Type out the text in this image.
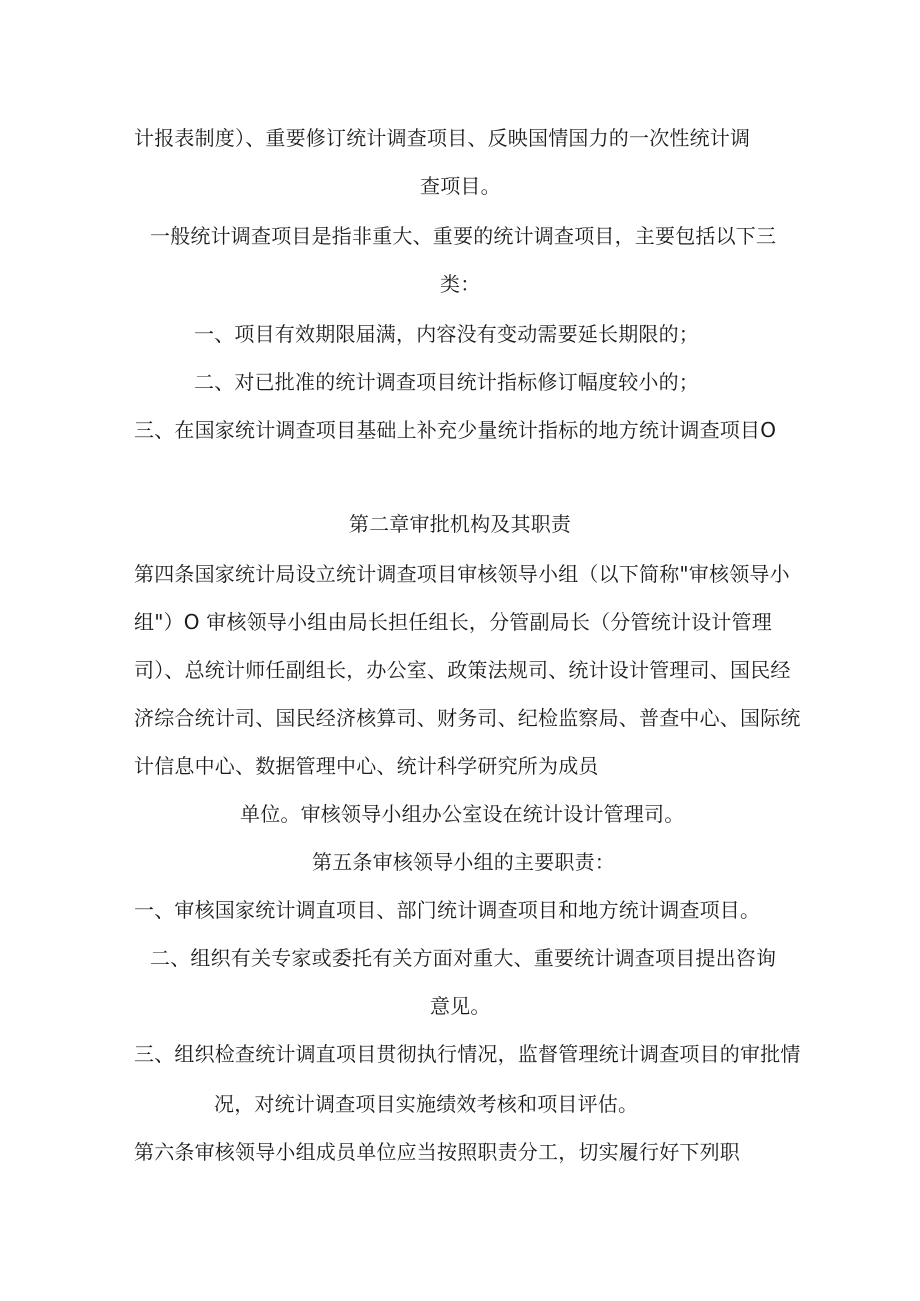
计报表制度）、重要修订统计调查项目、反映国情国力的一次性统计调
查项目。
一般统计调查项目是指非重大、重要的统计调查项目，主要包括以下三
类：
一、项目有效期限届满，内容没有变动需要延长期限的；
二、对已批准的统计调查项目统计指标修订幅度较小的；
三、在国家统计调查项目基础上补充少量统计指标的地方统计调查项目O
第二章审批机构及其职责
第四条国家统计局设立统计调查项目审核领导小组（以下简称"审核领导小
组"）O 审核领导小组由局长担任组长，分管副局长（分管统计设计管理
司）、总统计师任副组长，办公室、政策法规司、统计设计管理司、国民经
济综合统计司、国民经济核算司、财务司、纪检监察局、普查中心、国际统
计信息中心、数据管理中心、统计科学研究所为成员
单位。审核领导小组办公室设在统计设计管理司。
第五条审核领导小组的主要职责：
一、审核国家统计调直项目、部门统计调查项目和地方统计调查项目。
二、组织有关专家或委托有关方面对重大、重要统计调查项目提出咨询
意见。
三、组织检查统计调直项目贯彻执行情况，监督管理统计调查项目的审批情
况，对统计调查项目实施绩效考核和项目评估。
第六条审核领导小组成员单位应当按照职责分工，切实履行好下列职
